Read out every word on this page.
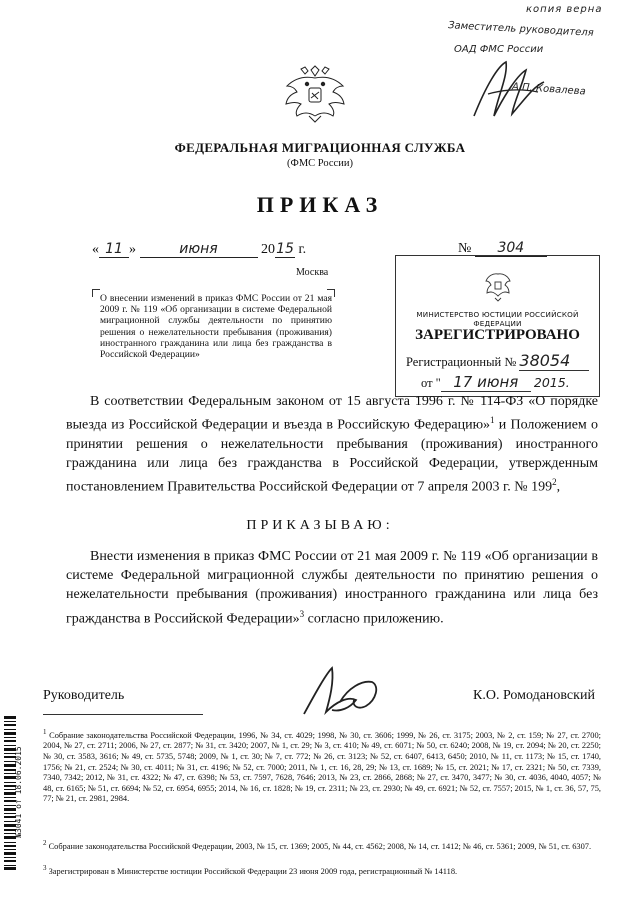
копия верна
Заместитель руководителя
ОАД ФМС России
А.П. Ковалева
ФЕДЕРАЛЬНАЯ МИГРАЦИОННАЯ СЛУЖБА
(ФМС России)
ПРИКАЗ
« 11 »	июня	2015 г.	№ 304
Москва
О внесении изменений в приказ ФМС России от 21 мая 2009 г. № 119 «Об организации в системе Федеральной миграционной службы деятельности по принятию решения о нежелательности пребывания (проживания) иностранного гражданина или лица без гражданства в Российской Федерации»
МИНИСТЕРСТВО ЮСТИЦИИ РОССИЙСКОЙ ФЕДЕРАЦИИ
ЗАРЕГИСТРИРОВАНО
Регистрационный № 38054
от " 17 июня 2015.
В соответствии Федеральным законом от 15 августа 1996 г. № 114-ФЗ «О порядке выезда из Российской Федерации и въезда в Российскую Федерацию»$^1$ и Положением о принятии решения о нежелательности пребывания (проживания) иностранного гражданина или лица без гражданства в Российской Федерации, утвержденным постановлением Правительства Российской Федерации от 7 апреля 2003 г. № $199^2$,
ПРИКАЗЫВАЮ:
Внести изменения в приказ ФМС России от 21 мая 2009 г. № 119 «Об организации в системе Федеральной миграционной службы деятельности по принятию решения о нежелательности пребывания (проживания) иностранного гражданина или лица без гражданства в Российской Федерации»$^3$ согласно приложению.
Руководитель	К.О. Ромодановский
$^1$ Собрание законодательства Российской Федерации, 1996, № 34, ст. 4029; 1998, № 30, ст. 3606; 1999, № 26, ст. 3175; 2003, № 2, ст. 159; № 27, ст. 2700; 2004, № 27, ст. 2711; 2006, № 27, ст. 2877; № 31, ст. 3420; 2007, № 1, ст. 29; № 3, ст. 410; № 49, ст. 6071; № 50, ст. 6240; 2008, № 19, ст. 2094; № 20, ст. 2250; № 30, ст. 3583, 3616; № 49, ст. 5735, 5748; 2009, № 1, ст. 30; № 7, ст. 772; № 26, ст. 3123; № 52, ст. 6407, 6413, 6450; 2010, № 11, ст. 1173; № 15, ст. 1740, 1756; № 21, ст. 2524; № 30, ст. 4011; № 31, ст. 4196; № 52, ст. 7000; 2011, № 1, ст. 16, 28, 29; № 13, ст. 1689; № 15, ст. 2021; № 17, ст. 2321; № 50, ст. 7339, 7340, 7342; 2012, № 31, ст. 4322; № 47, ст. 6398; № 53, ст. 7597, 7628, 7646; 2013, № 23, ст. 2866, 2868; № 27, ст. 3470, 3477; № 30, ст. 4036, 4040, 4057; № 48, ст. 6165; № 51, ст. 6694; № 52, ст. 6954, 6955; 2014, № 16, ст. 1828; № 19, ст. 2311; № 23, ст. 2930; № 49, ст. 6921; № 52, ст. 7557; 2015, № 1, ст. 36, 57, 75, 77; № 21, ст. 2981, 2984.
$^2$ Собрание законодательства Российской Федерации, 2003, № 15, ст. 1369; 2005, № 44, ст. 4562; 2008, № 14, ст. 1412; № 46, ст. 5361; 2009, № 51, ст. 6307.
$^3$ Зарегистрирован в Министерстве юстиции Российской Федерации 23 июня 2009 года, регистрационный № 14118.
№3041 от 18.06.2015
